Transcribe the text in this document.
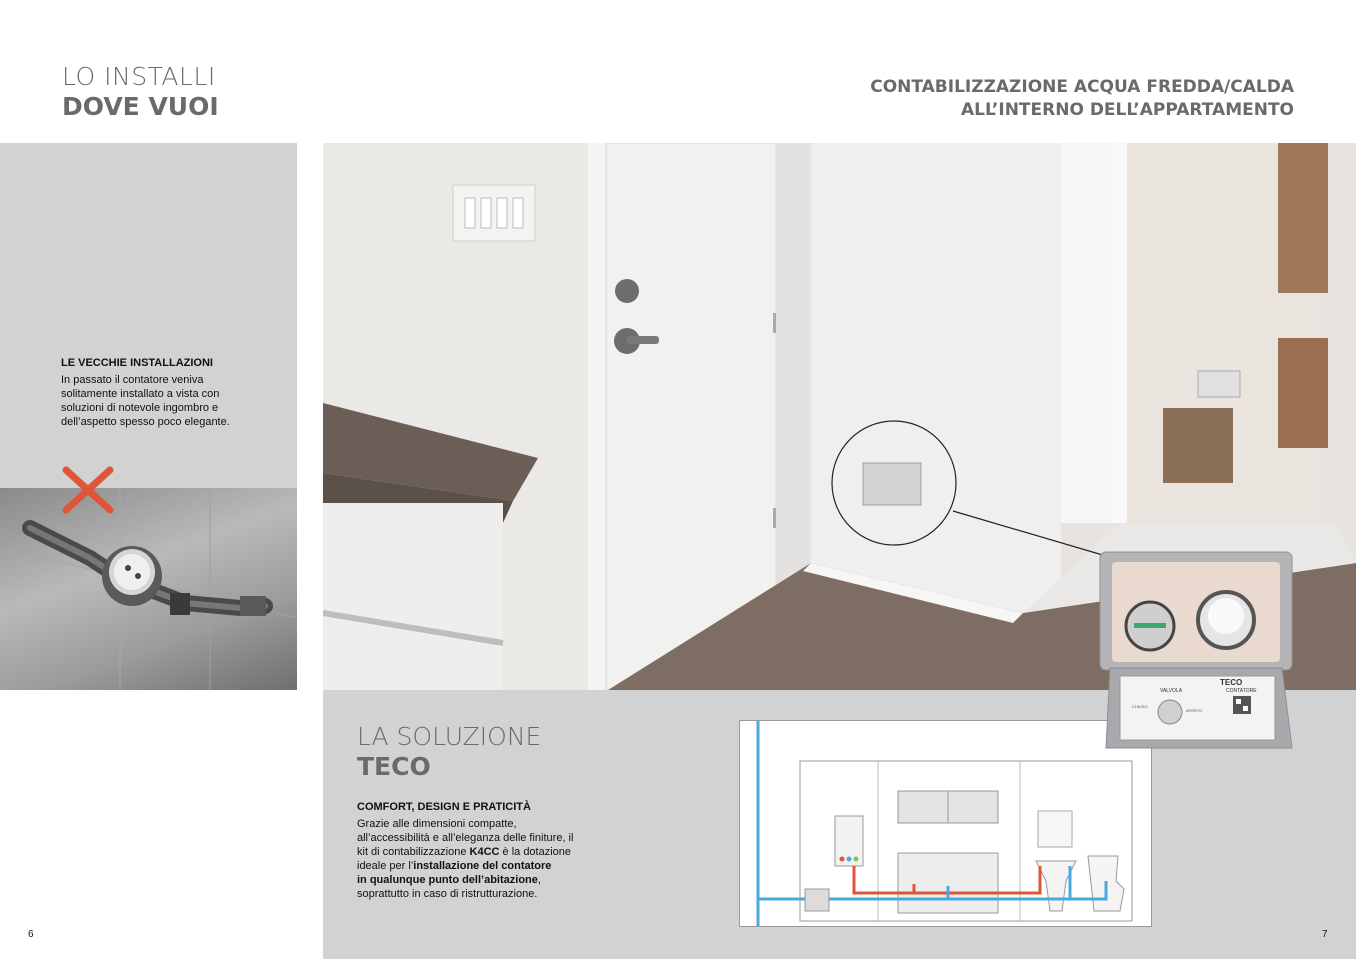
LO INSTALLI
DOVE VUOI
CONTABILIZZAZIONE ACQUA FREDDA/CALDA
ALL’INTERNO DELL’APPARTAMENTO
LE VECCHIE INSTALLAZIONI
In passato il contatore veniva
solitamente installato a vista con
soluzioni di notevole ingombro e
dell’aspetto spesso poco elegante.
LA SOLUZIONE
TECO
COMFORT, DESIGN E PRATICITÀ
Grazie alle dimensioni compatte,
all’accessibilità e all’eleganza delle finiture, il
kit di contabilizzazione K4CC è la dotazione
ideale per l’installazione del contatore
in qualunque punto dell’abitazione,
soprattutto in caso di ristrutturazione.
TECO
VALVOLA	CONTATORE
CHIUSO
APERTO
6	7
